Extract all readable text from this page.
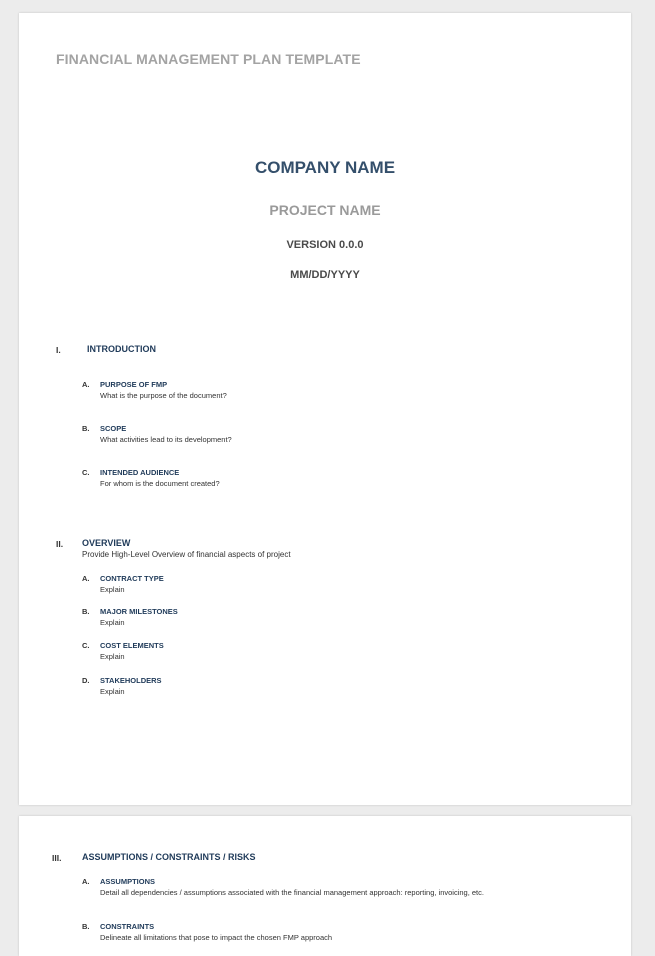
FINANCIAL MANAGEMENT PLAN TEMPLATE
COMPANY NAME
PROJECT NAME
VERSION 0.0.0
MM/DD/YYYY
I.	INTRODUCTION
A. PURPOSE OF FMP
What is the purpose of the document?
B. SCOPE
What activities lead to its development?
C. INTENDED AUDIENCE
For whom is the document created?
II. OVERVIEW
Provide High-Level Overview of financial aspects of project
A. CONTRACT TYPE
Explain
B. MAJOR MILESTONES
Explain
C. COST ELEMENTS
Explain
D. STAKEHOLDERS
Explain
III. ASSUMPTIONS / CONSTRAINTS / RISKS
A. ASSUMPTIONS
Detail all dependencies / assumptions associated with the financial management approach: reporting, invoicing, etc.
B. CONSTRAINTS
Delineate all limitations that pose to impact the chosen FMP approach
